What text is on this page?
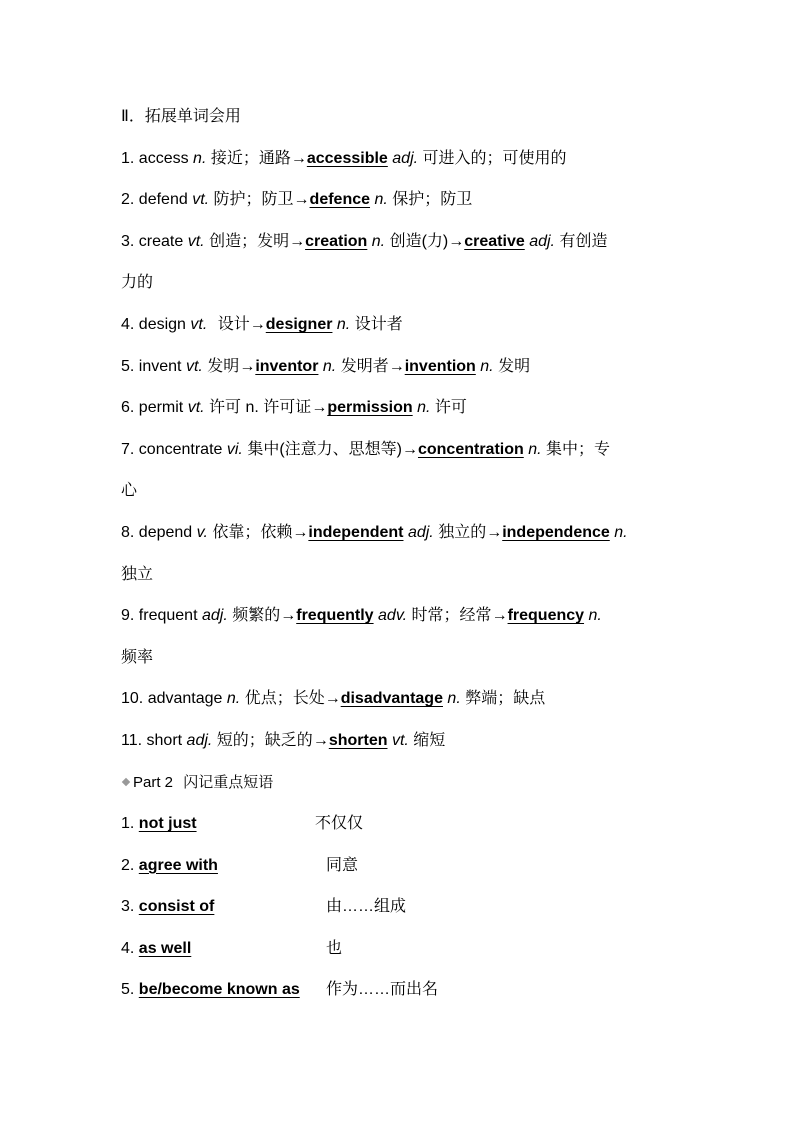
Ⅱ．拓展单词会用
1. access n. 接近；通路→accessible adj. 可进入的；可使用的
2. defend vt. 防护；防卫→defence n. 保护；防卫
3. create vt. 创造；发明→creation n. 创造(力)→creative adj. 有创造
力的
4. design vt. 设计→designer n. 设计者
5. invent vt. 发明→inventor n. 发明者→invention n. 发明
6. permit vt. 许可 n. 许可证→permission n. 许可
7. concentrate vi. 集中(注意力、思想等)→concentration n. 集中；专
心
8. depend v. 依靠；依赖→independent adj. 独立的→independence n.
独立
9. frequent adj. 频繁的→frequently adv. 时常；经常→frequency n.
频率
10. advantage n. 优点；长处→disadvantage n. 弊端；缺点
11. short adj. 短的；缺乏的→shorten vt. 缩短
Part 2 闪记重点短语
1. not just	不仅仅
2. agree with	同意
3. consist of	由……组成
4. as well	也
5. be/become known as 作为……而出名
